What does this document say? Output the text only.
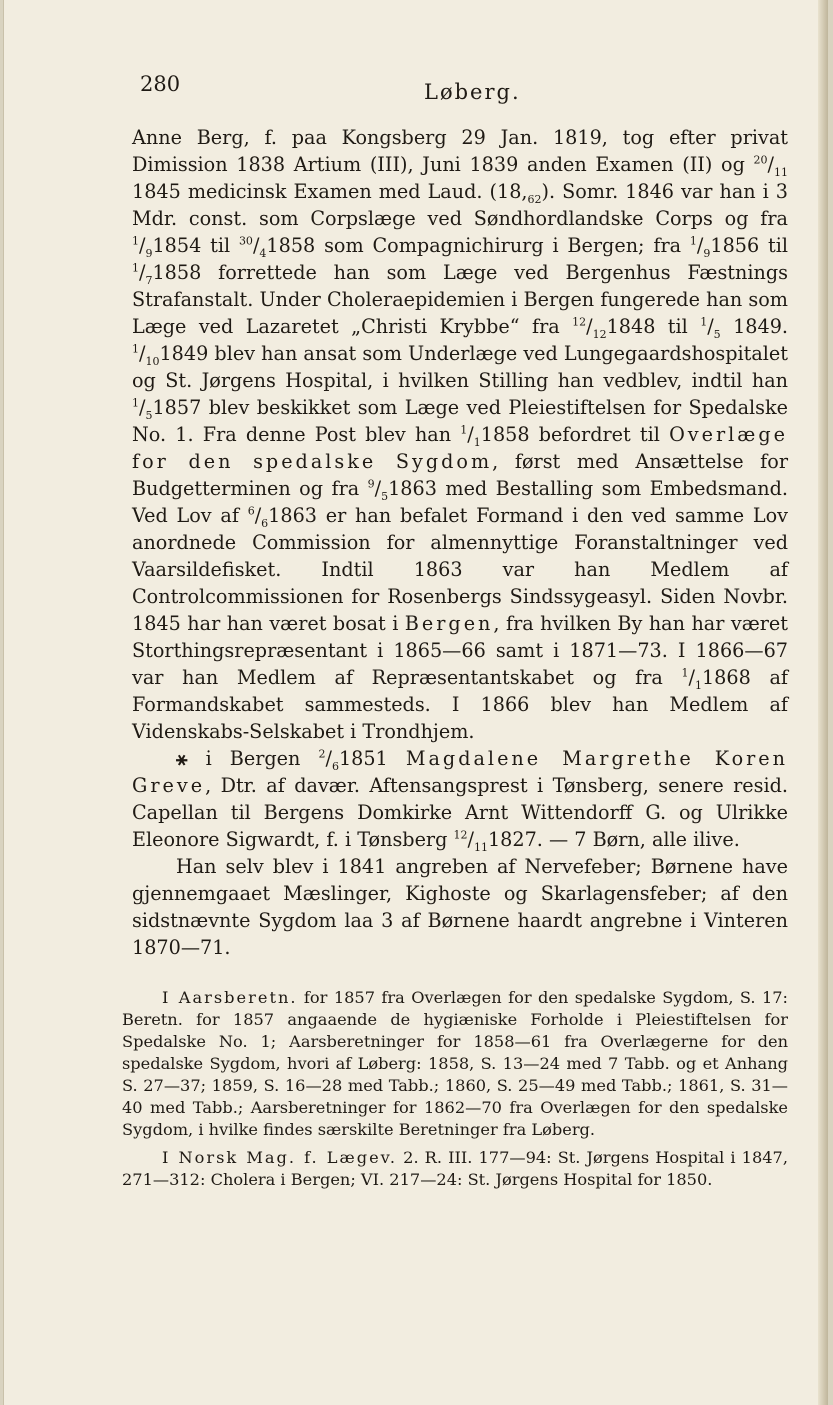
280	Løberg.

Anne Berg, f. paa Kongsberg 29 Jan. 1819, tog efter privat Dimission 1838 Artium (III), Juni 1839 anden Examen (II) og $^{20}/_{11}$ 1845 medicinsk Examen med Laud. $(18,_{62})$. Somr. 1846 var han i 3 Mdr. const. som Corpslæge ved Søndhordlandske Corps og fra $^1/_91854$ til $^{30}/_41858$ som Compagnichirurg i Bergen; fra $^1/_91856$ til $^1/_71858$ forrettede han som Læge ved Bergenhus Fæstnings Strafanstalt. Under Choleraepidemien i Bergen fungerede han som Læge ved Lazaretet „Christi Krybbe“ fra $^{12}/_{12}1848$ til $^1/_5$ 1849. $^1/_{10}1849$ blev han ansat som Underlæge ved Lungegaardshospitalet og St. Jørgens Hospital, i hvilken Stilling han vedblev, indtil han $^1/_51857$ blev beskikket som Læge ved Pleiestiftelsen for Spedalske No. 1. Fra denne Post blev han $^1/_11858$ befordret til Overlæge for den spedalske Sygdom, først med Ansættelse for Budgetterminen og fra $^9/_51863$ med Bestalling som Embedsmand. Ved Lov af $^6/_61863$ er han befalet Formand i den ved samme Lov anordnede Commission for almennyttige Foranstaltninger ved Vaarsildefisket. Indtil 1863 var han Medlem af Controlcommissionen for Rosenbergs Sindssygeasyl. Siden Novbr. 1845 har han været bosat i Bergen, fra hvilken By han har været Storthingsrepræsentant i 1865—66 samt i 1871—73. I 1866—67 var han Medlem af Repræsentantskabet og fra $^1/_11868$ af Formandskabet sammesteds. I 1866 blev han Medlem af Videnskabs-Selskabet i Trondhjem.

⚹ i Bergen $^2/_61851$ Magdalene Margrethe Koren Greve, Dtr. af davær. Aftensangsprest i Tønsberg, senere resid. Capellan til Bergens Domkirke Arnt Wittendorff G. og Ulrikke Eleonore Sigwardt, f. i Tønsberg $^{12}/_{11}1827$. — 7 Børn, alle ilive.

Han selv blev i 1841 angreben af Nervefeber; Børnene have gjennemgaaet Mæslinger, Kighoste og Skarlagensfeber; af den sidstnævnte Sygdom laa 3 af Børnene haardt angrebne i Vinteren 1870—71.

I Aarsberetn. for 1857 fra Overlægen for den spedalske Sygdom, S. 17: Beretn. for 1857 angaaende de hygiæniske Forholde i Pleiestiftelsen for Spedalske No. 1; Aarsberetninger for 1858—61 fra Overlægerne for den spedalske Sygdom, hvori af Løberg: 1858, S. 13—24 med 7 Tabb. og et Anhang S. 27—37; 1859, S. 16—28 med Tabb.; 1860, S. 25—49 med Tabb.; 1861, S. 31—40 med Tabb.; Aarsberetninger for 1862—70 fra Overlægen for den spedalske Sygdom, i hvilke findes særskilte Beretninger fra Løberg.

I Norsk Mag. f. Lægev. 2. R. III. 177—94: St. Jørgens Hospital i 1847, 271—312: Cholera i Bergen; VI. 217—24: St. Jørgens Hospital for 1850.
